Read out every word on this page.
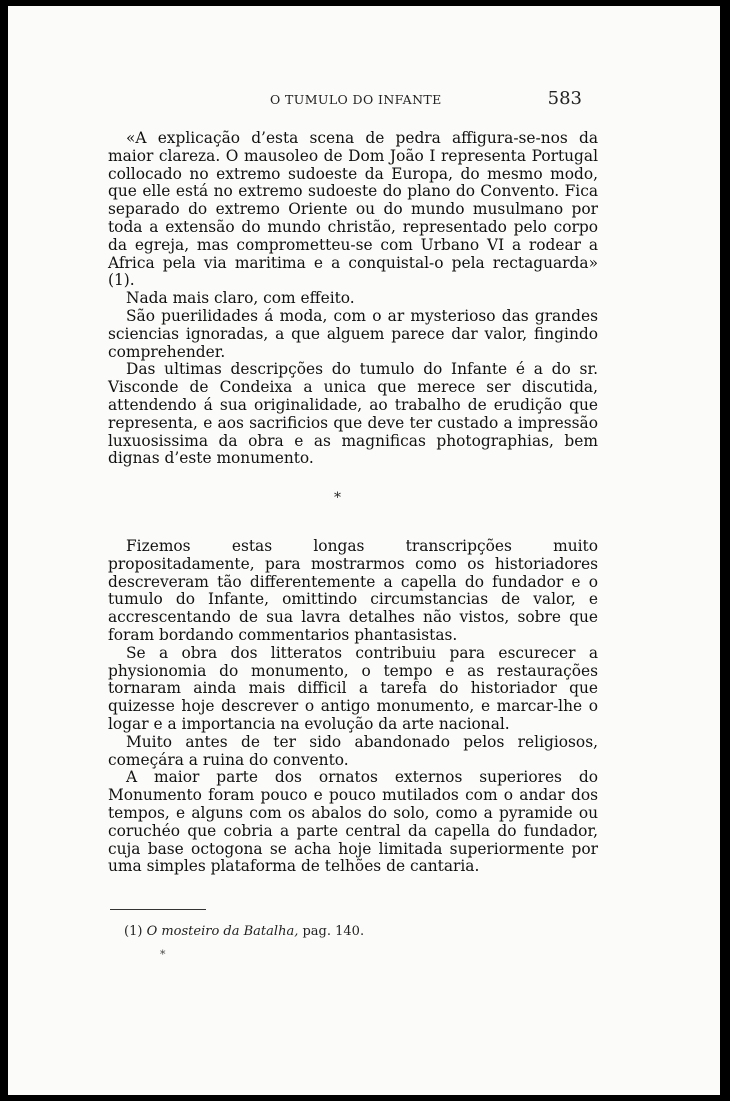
O TUMULO DO INFANTE	583

«A explicação d’esta scena de pedra affigura-se-nos da maior clareza. O mausoleo de Dom João I representa Portugal collocado no extremo sudoeste da Europa, do mesmo modo, que elle está no extremo sudoeste do plano do Convento. Fica separado do extremo Oriente ou do mundo musulmano por toda a extensão do mundo christão, representado pelo corpo da egreja, mas comprometteu-se com Urbano VI a rodear a Africa pela via maritima e a conquistal-o pela rectaguarda» (1).

Nada mais claro, com effeito.

São puerilidades á moda, com o ar mysterioso das grandes sciencias ignoradas, a que alguem parece dar valor, fingindo comprehender.

Das ultimas descripções do tumulo do Infante é a do sr. Visconde de Condeixa a unica que merece ser discutida, attendendo á sua originalidade, ao trabalho de erudição que representa, e aos sacrificios que deve ter custado a impressão luxuosissima da obra e as magnificas photographias, bem dignas d’este monumento.

*

Fizemos estas longas transcripções muito propositadamente, para mostrarmos como os historiadores descreveram tão differentemente a capella do fundador e o tumulo do Infante, omittindo circumstancias de valor, e accrescentando de sua lavra detalhes não vistos, sobre que foram bordando commentarios phantasistas.

Se a obra dos litteratos contribuiu para escurecer a physionomia do monumento, o tempo e as restaurações tornaram ainda mais difficil a tarefa do historiador que quizesse hoje descrever o antigo monumento, e marcar-lhe o logar e a importancia na evolução da arte nacional.

Muito antes de ter sido abandonado pelos religiosos, começára a ruina do convento.

A maior parte dos ornatos externos superiores do Monumento foram pouco e pouco mutilados com o andar dos tempos, e alguns com os abalos do solo, como a pyramide ou coruchéo que cobria a parte central da capella do fundador, cuja base octogona se acha hoje limitada superiormente por uma simples plataforma de telhões de cantaria.

(1) O mosteiro da Batalha, pag. 140.
*
